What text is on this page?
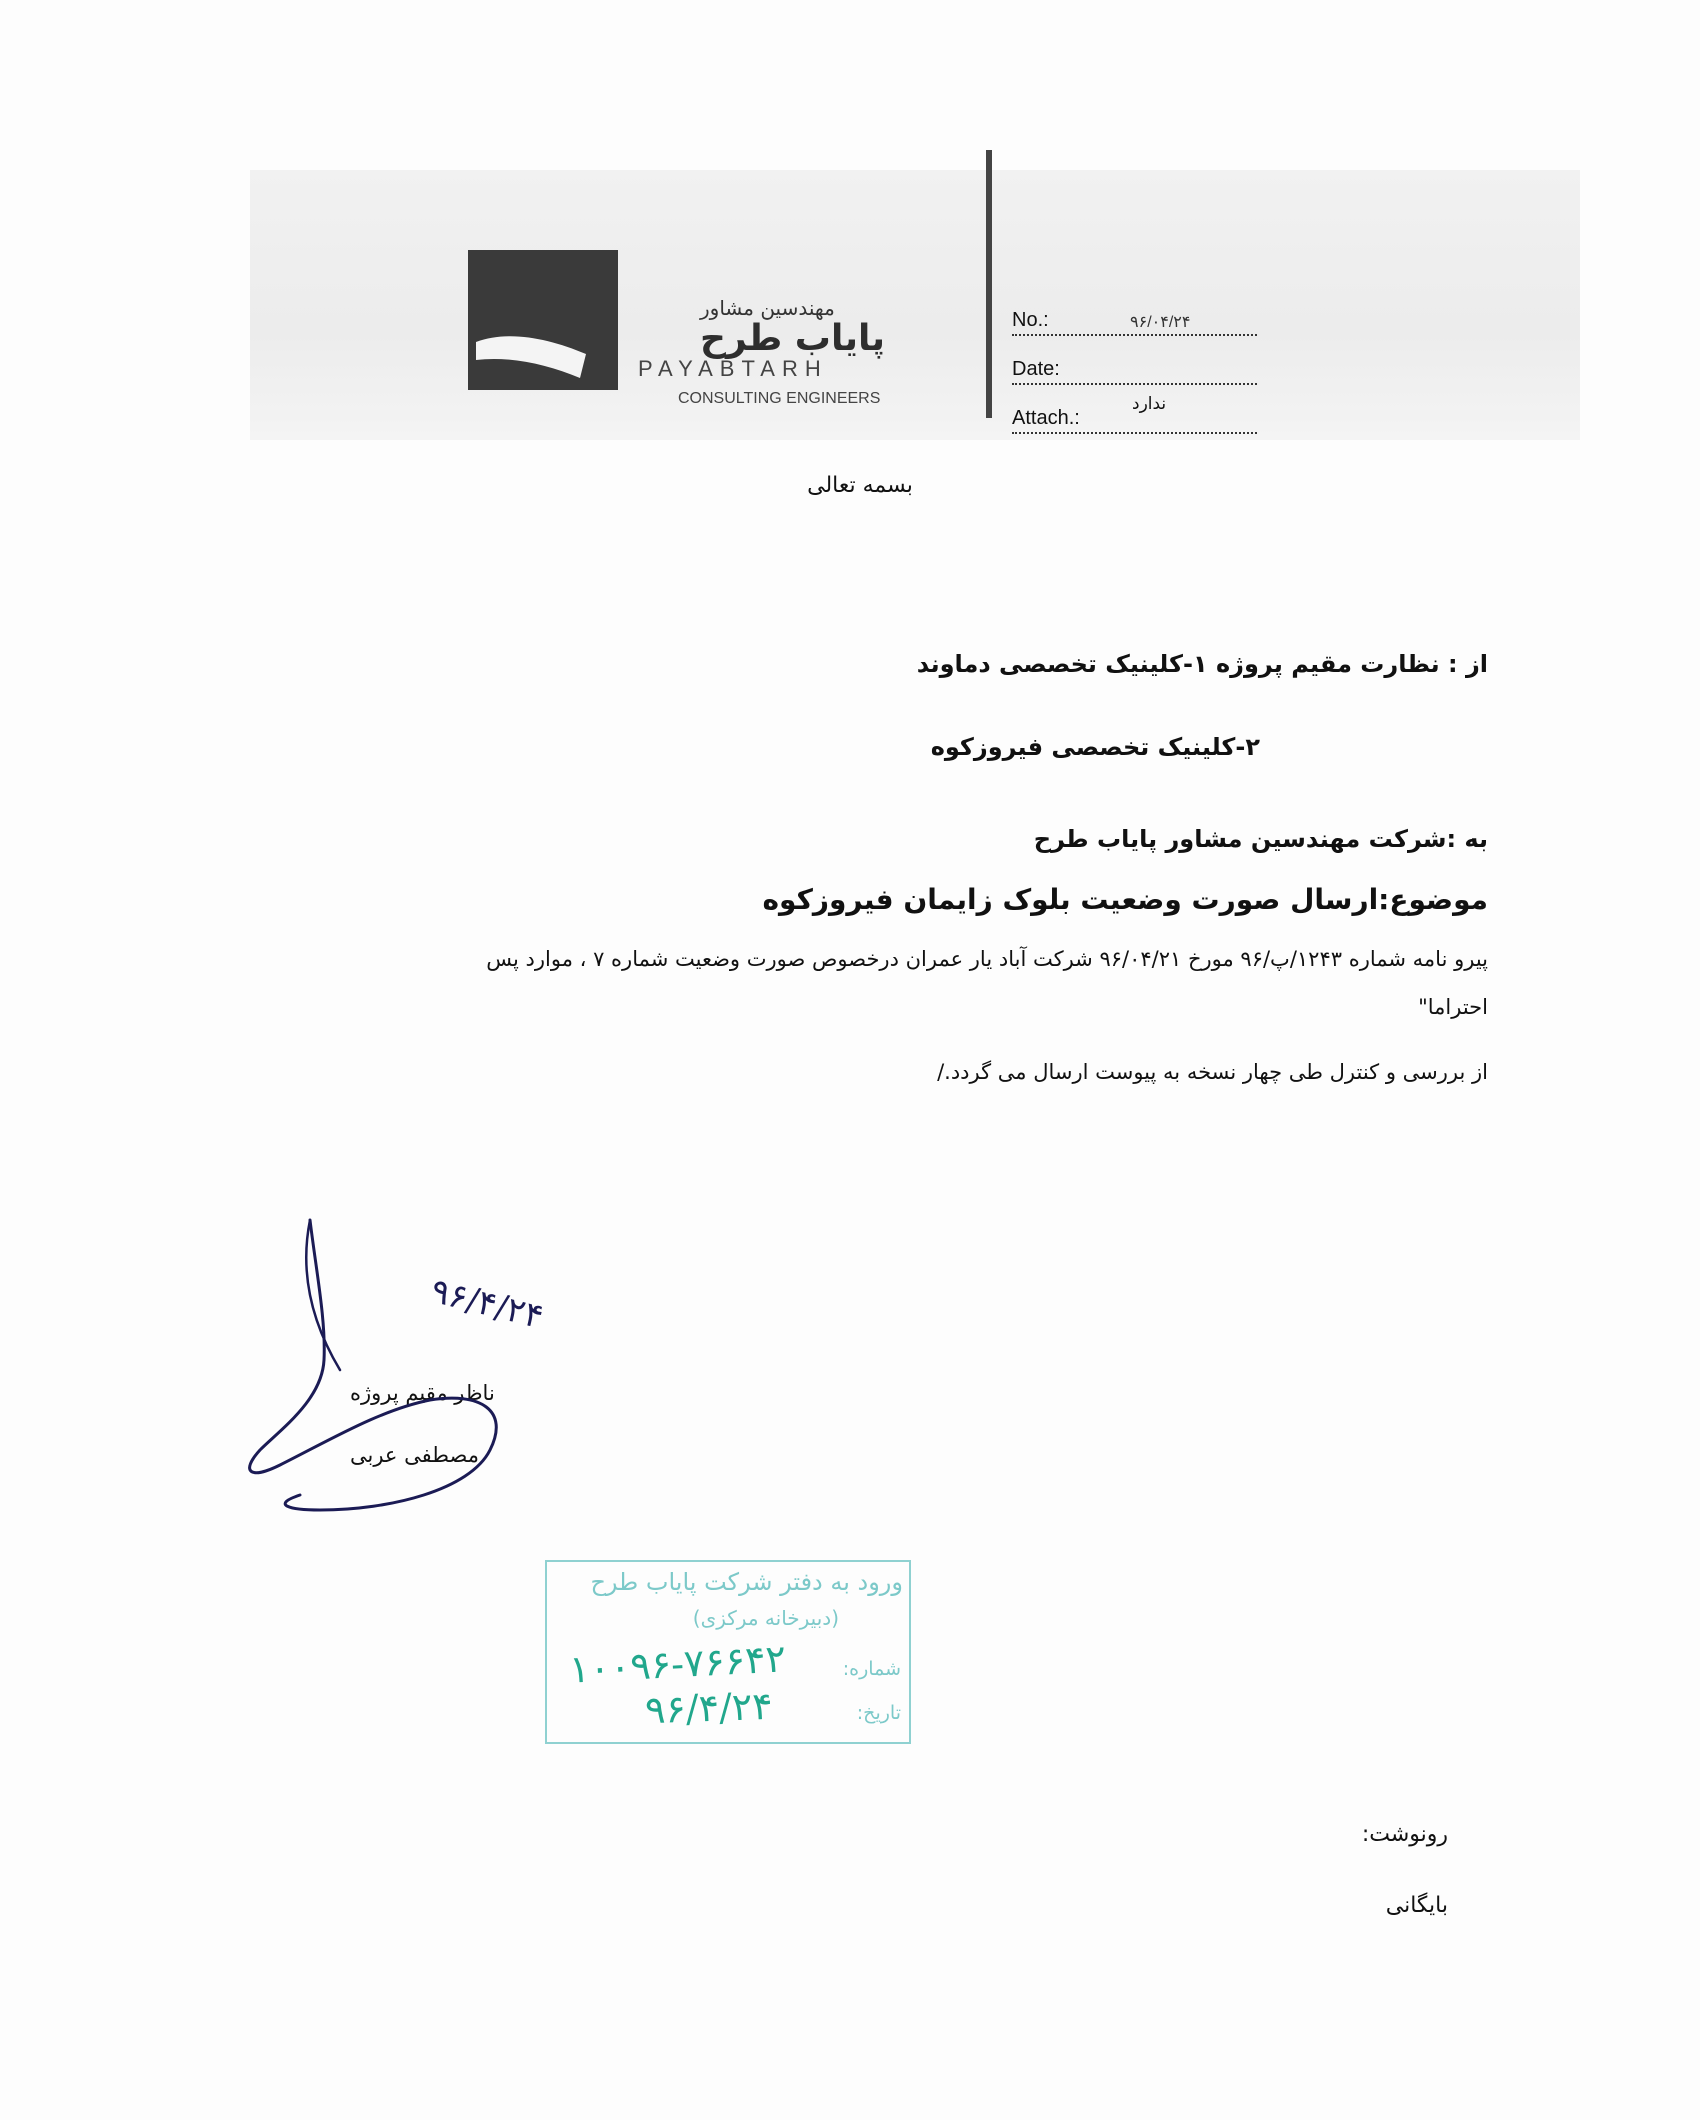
مهندسین مشاور
پایاب طرح
PAYABTARH
CONSULTING ENGINEERS
No.:	۹۶/۰۴/۲۴
Date:
Attach.:
ندارد
بسمه تعالی
از : نظارت مقیم پروژه ۱-کلینیک تخصصی دماوند
۲-کلینیک تخصصی فیروزکوه
به :شرکت مهندسین مشاور پایاب طرح
موضوع:ارسال صورت وضعیت بلوک زایمان فیروزکوه
پیرو نامه شماره ۱۲۴۳/پ/۹۶ مورخ ۹۶/۰۴/۲۱ شرکت آباد یار عمران درخصوص صورت وضعیت شماره ۷ ، موارد پس
احتراما"
از بررسی و کنترل طی چهار نسخه به پیوست ارسال می گردد./
ناظر مقیم پروژه
مصطفی عربی
۹۶/۴/۲۴
ورود به دفتر شرکت پایاب طرح
(دبیرخانه مرکزی)
شماره:
تاریخ:
۱۰۰۹۶-۷۶۶۴۲
۹۶/۴/۲۴
رونوشت:
بایگانی
